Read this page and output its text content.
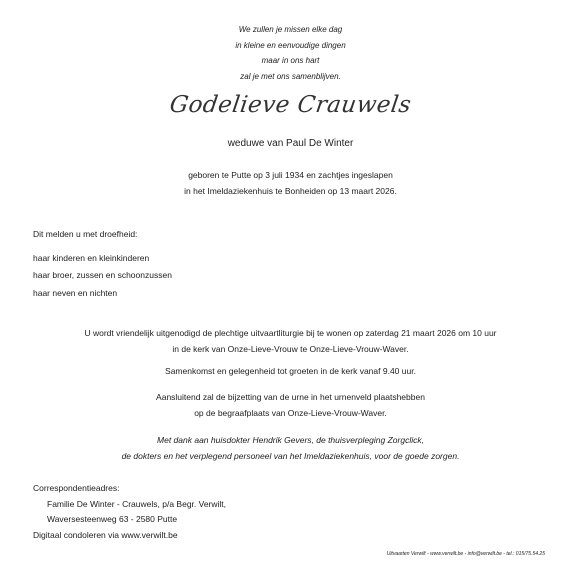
We zullen je missen elke dag
in kleine en eenvoudige dingen
maar in ons hart
zal je met ons samenblijven.
Godelieve Crauwels
weduwe van Paul De Winter
geboren te Putte op 3 juli 1934 en zachtjes ingeslapen
in het Imeldaziekenhuis te Bonheiden op 13 maart 2026.
Dit melden u met droefheid:
haar kinderen en kleinkinderen
haar broer, zussen en schoonzussen
haar neven en nichten
U wordt vriendelijk uitgenodigd de plechtige uitvaartliturgie bij te wonen op zaterdag 21 maart 2026 om 10 uur
in de kerk van Onze-Lieve-Vrouw te Onze-Lieve-Vrouw-Waver.
Samenkomst en gelegenheid tot groeten in de kerk vanaf 9.40 uur.
Aansluitend zal de bijzetting van de urne in het urnenveld plaatshebben
op de begraafplaats van Onze-Lieve-Vrouw-Waver.
Met dank aan huisdokter Hendrik Gevers, de thuisverpleging Zorgclick,
de dokters en het verplegend personeel van het Imeldaziekenhuis, voor de goede zorgen.
Correspondentieadres:
Familie De Winter - Crauwels, p/a Begr. Verwilt,
Waversesteenweg 63 - 2580 Putte
Digitaal condoleren via www.verwilt.be
Uitvaarten Verwilt - www.verwilt.be - info@verwilt.be - tel.: 015/75.54.25
